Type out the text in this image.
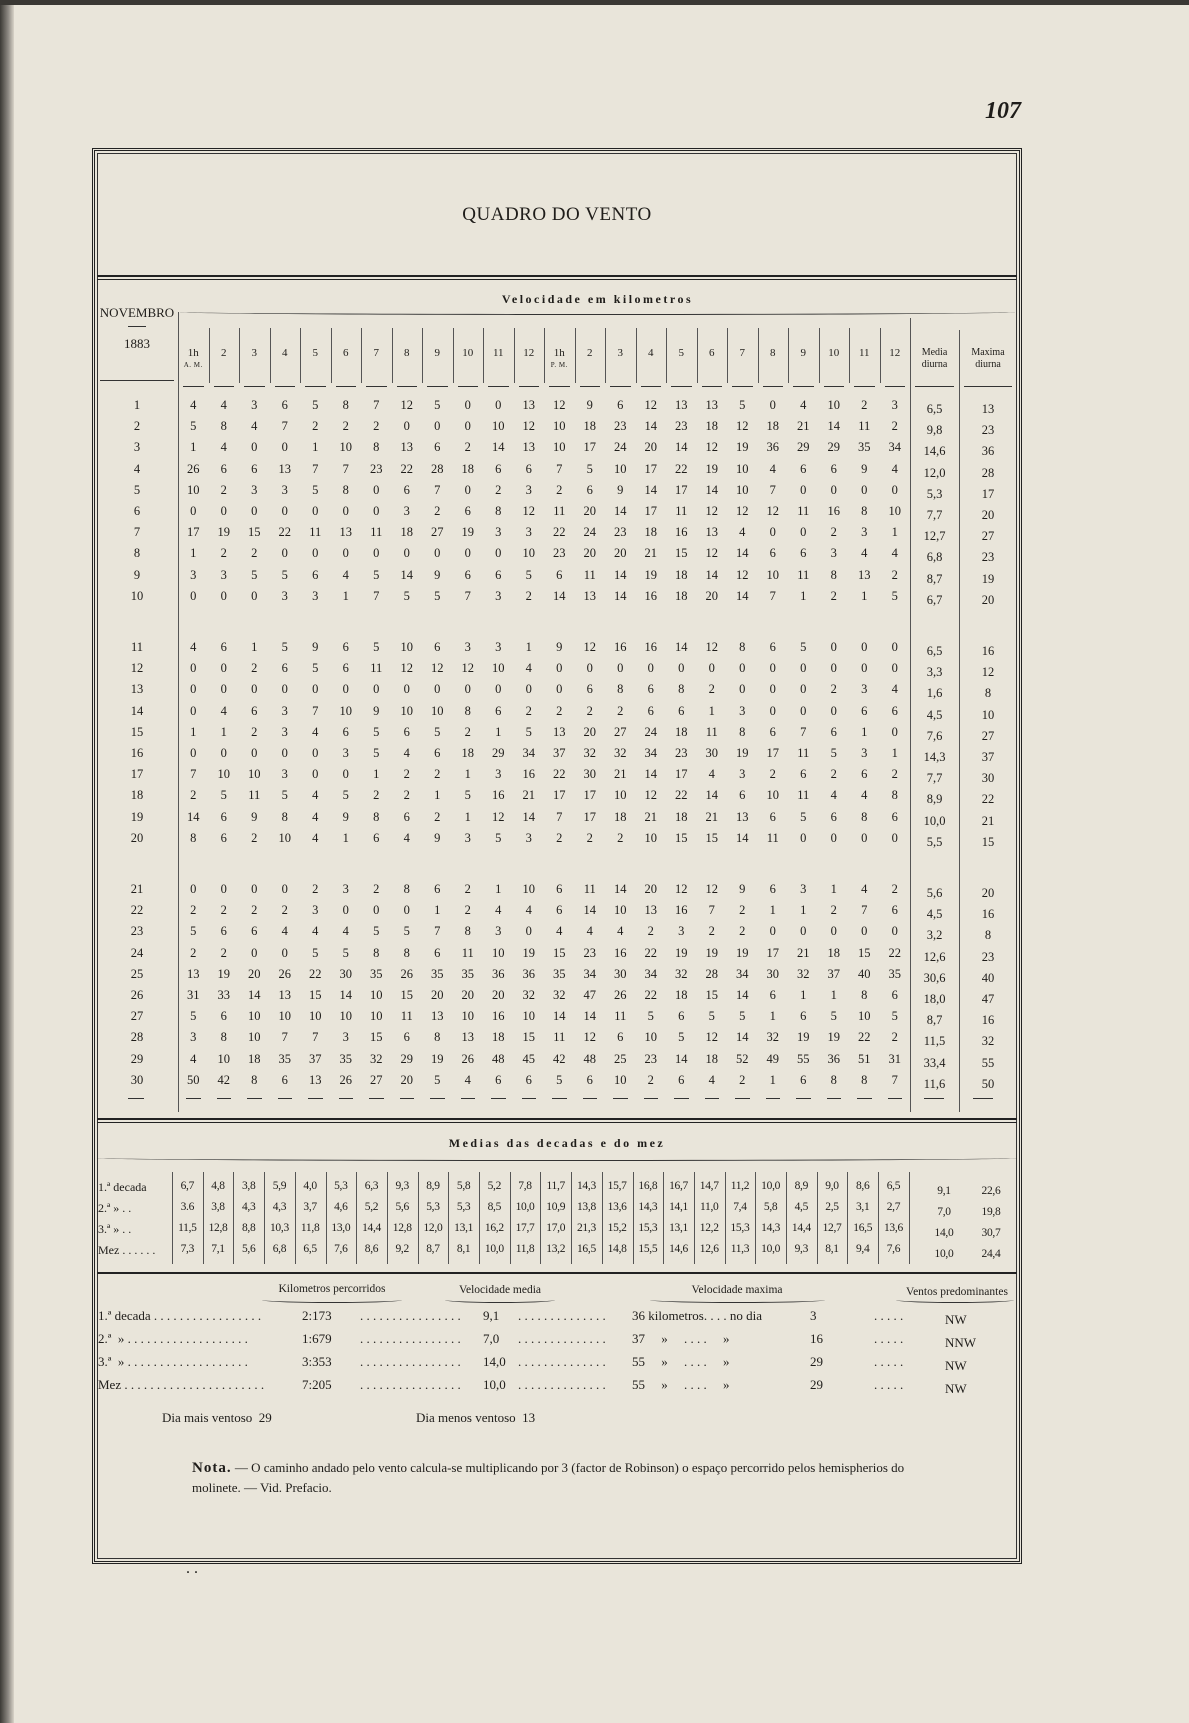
107
QUADRO DO VENTO
Velocidade em kilometros
NOVEMBRO
1883
1h
A. M.
2	3	4	5	6	7	8	9	10	11	12	1h
P. M.
2	3	4	5	6	7	8	9	10	11	12	Media diurna
Maxima diurna
1	4	4	3	6	5	8	7	12	5	0	0	13	12	9	6	12	13	13	5	0	4	10	2	3	6,5	13
2	5	8	4	7	2	2	2	0	0	0	10	12	10	18	23	14	23	18	12	18	21	14	11	2	9,8	23
3	1	4	0	0	1	10	8	13	6	2	14	13	10	17	24	20	14	12	19	36	29	29	35	34	14,6	36
4	26	6	6	13	7	7	23	22	28	18	6	6	7	5	10	17	22	19	10	4	6	6	9	4	12,0	28
5	10	2	3	3	5	8	0	6	7	0	2	3	2	6	9	14	17	14	10	7	0	0	0	0	5,3	17
6	0	0	0	0	0	0	0	3	2	6	8	12	11	20	14	17	11	12	12	12	11	16	8	10	7,7	20
7	17	19	15	22	11	13	11	18	27	19	3	3	22	24	23	18	16	13	4	0	0	2	3	1	12,7	27
8	1	2	2	0	0	0	0	0	0	0	0	10	23	20	20	21	15	12	14	6	6	3	4	4	6,8	23
9	3	3	5	5	6	4	5	14	9	6	6	5	6	11	14	19	18	14	12	10	11	8	13	2	8,7	19
10	0	0	0	3	3	1	7	5	5	7	3	2	14	13	14	16	18	20	14	7	1	2	1	5	6,7	20
11	4	6	1	5	9	6	5	10	6	3	3	1	9	12	16	16	14	12	8	6	5	0	0	0	6,5	16
12	0	0	2	6	5	6	11	12	12	12	10	4	0	0	0	0	0	0	0	0	0	0	0	0	3,3	12
13	0	0	0	0	0	0	0	0	0	0	0	0	0	6	8	6	8	2	0	0	0	2	3	4	1,6	8
14	0	4	6	3	7	10	9	10	10	8	6	2	2	2	2	6	6	1	3	0	0	0	6	6	4,5	10
15	1	1	2	3	4	6	5	6	5	2	1	5	13	20	27	24	18	11	8	6	7	6	1	0	7,6	27
16	0	0	0	0	0	3	5	4	6	18	29	34	37	32	32	34	23	30	19	17	11	5	3	1	14,3	37
17	7	10	10	3	0	0	1	2	2	1	3	16	22	30	21	14	17	4	3	2	6	2	6	2	7,7	30
18	2	5	11	5	4	5	2	2	1	5	16	21	17	17	10	12	22	14	6	10	11	4	4	8	8,9	22
19	14	6	9	8	4	9	8	6	2	1	12	14	7	17	18	21	18	21	13	6	5	6	8	6	10,0	21
20	8	6	2	10	4	1	6	4	9	3	5	3	2	2	2	10	15	15	14	11	0	0	0	0	5,5	15
21	0	0	0	0	2	3	2	8	6	2	1	10	6	11	14	20	12	12	9	6	3	1	4	2	5,6	20
22	2	2	2	2	3	0	0	0	1	2	4	4	6	14	10	13	16	7	2	1	1	2	7	6	4,5	16
23	5	6	6	4	4	4	5	5	7	8	3	0	4	4	4	2	3	2	2	0	0	0	0	0	3,2	8
24	2	2	0	0	5	5	8	8	6	11	10	19	15	23	16	22	19	19	19	17	21	18	15	22	12,6	23
25	13	19	20	26	22	30	35	26	35	35	36	36	35	34	30	34	32	28	34	30	32	37	40	35	30,6	40
26	31	33	14	13	15	14	10	15	20	20	20	32	32	47	26	22	18	15	14	6	1	1	8	6	18,0	47
27	5	6	10	10	10	10	10	11	13	10	16	10	14	14	11	5	6	5	5	1	6	5	10	5	8,7	16
28	3	8	10	7	7	3	15	6	8	13	18	15	11	12	6	10	5	12	14	32	19	19	22	2	11,5	32
29	4	10	18	35	37	35	32	29	19	26	48	45	42	48	25	23	14	18	52	49	55	36	51	31	33,4	55
30	50	42	8	6	13	26	27	20	5	4	6	6	5	6	10	2	6	4	2	1	6	8	8	7	11,6	50
Medias das decadas e do mez
1.ª decada	6,7	4,8	3,8	5,9	4,0	5,3	6,3	9,3	8,9	5,8	5,2	7,8	11,7	14,3	15,7	16,8	16,7	14,7	11,2	10,0	8,9	9,0	8,6	6,5	9,1	22,6
2.ª » . .	3.6	3,8	4,3	4,3	3,7	4,6	5,2	5,6	5,3	5,3	8,5	10,0	10,9	13,8	13,6	14,3	14,1	11,0	7,4	5,8	4,5	2,5	3,1	2,7	7,0	19,8
3.ª » . .	11,5	12,8	8,8	10,3	11,8	13,0	14,4	12,8	12,0	13,1	16,2	17,7	17,0	21,3	15,2	15,3	13,1	12,2	15,3	14,3	14,4	12,7	16,5	13,6	14,0	30,7
Mez . . . . . .	7,3	7,1	5,6	6,8	6,5	7,6	8,6	9,2	8,7	8,1	10,0	11,8	13,2	16,5	14,8	15,5	14,6	12,6	11,3	10,0	9,3	8,1	9,4	7,6	10,0	24,4
Kilometros percorridos	Velocidade media	Velocidade maxima	Ventos predominantes
1.ª decada . . . . . . . . . . . . . . . . .	2:173	9,1	36 kilometros. . . . no dia	3	NW
. . . . .
. . . . . . . . . . . . . . . .	. . . . . . . . . . . . . .
2.ª  » . . . . . . . . . . . . . . . . . . .	1:679	7,0	37     »     . . . .     »	16	NNW
. . . . .
. . . . . . . . . . . . . . . .	. . . . . . . . . . . . . .
3.ª  » . . . . . . . . . . . . . . . . . . .	3:353	14,0	55     »     . . . .     »	29	NW
. . . . .
. . . . . . . . . . . . . . . .	. . . . . . . . . . . . . .
Mez . . . . . . . . . . . . . . . . . . . . . .	7:205	10,0	55     »     . . . .     »	29	NW
. . . . .
. . . . . . . . . . . . . . . .	. . . . . . . . . . . . . .
Dia mais ventoso  29	Dia menos ventoso  13
Nota. — O caminho andado pelo vento calcula-se multiplicando por 3 (factor de Robinson) o espaço percorrido pelos hemispherios do molinete. — Vid. Prefacio.
. .
